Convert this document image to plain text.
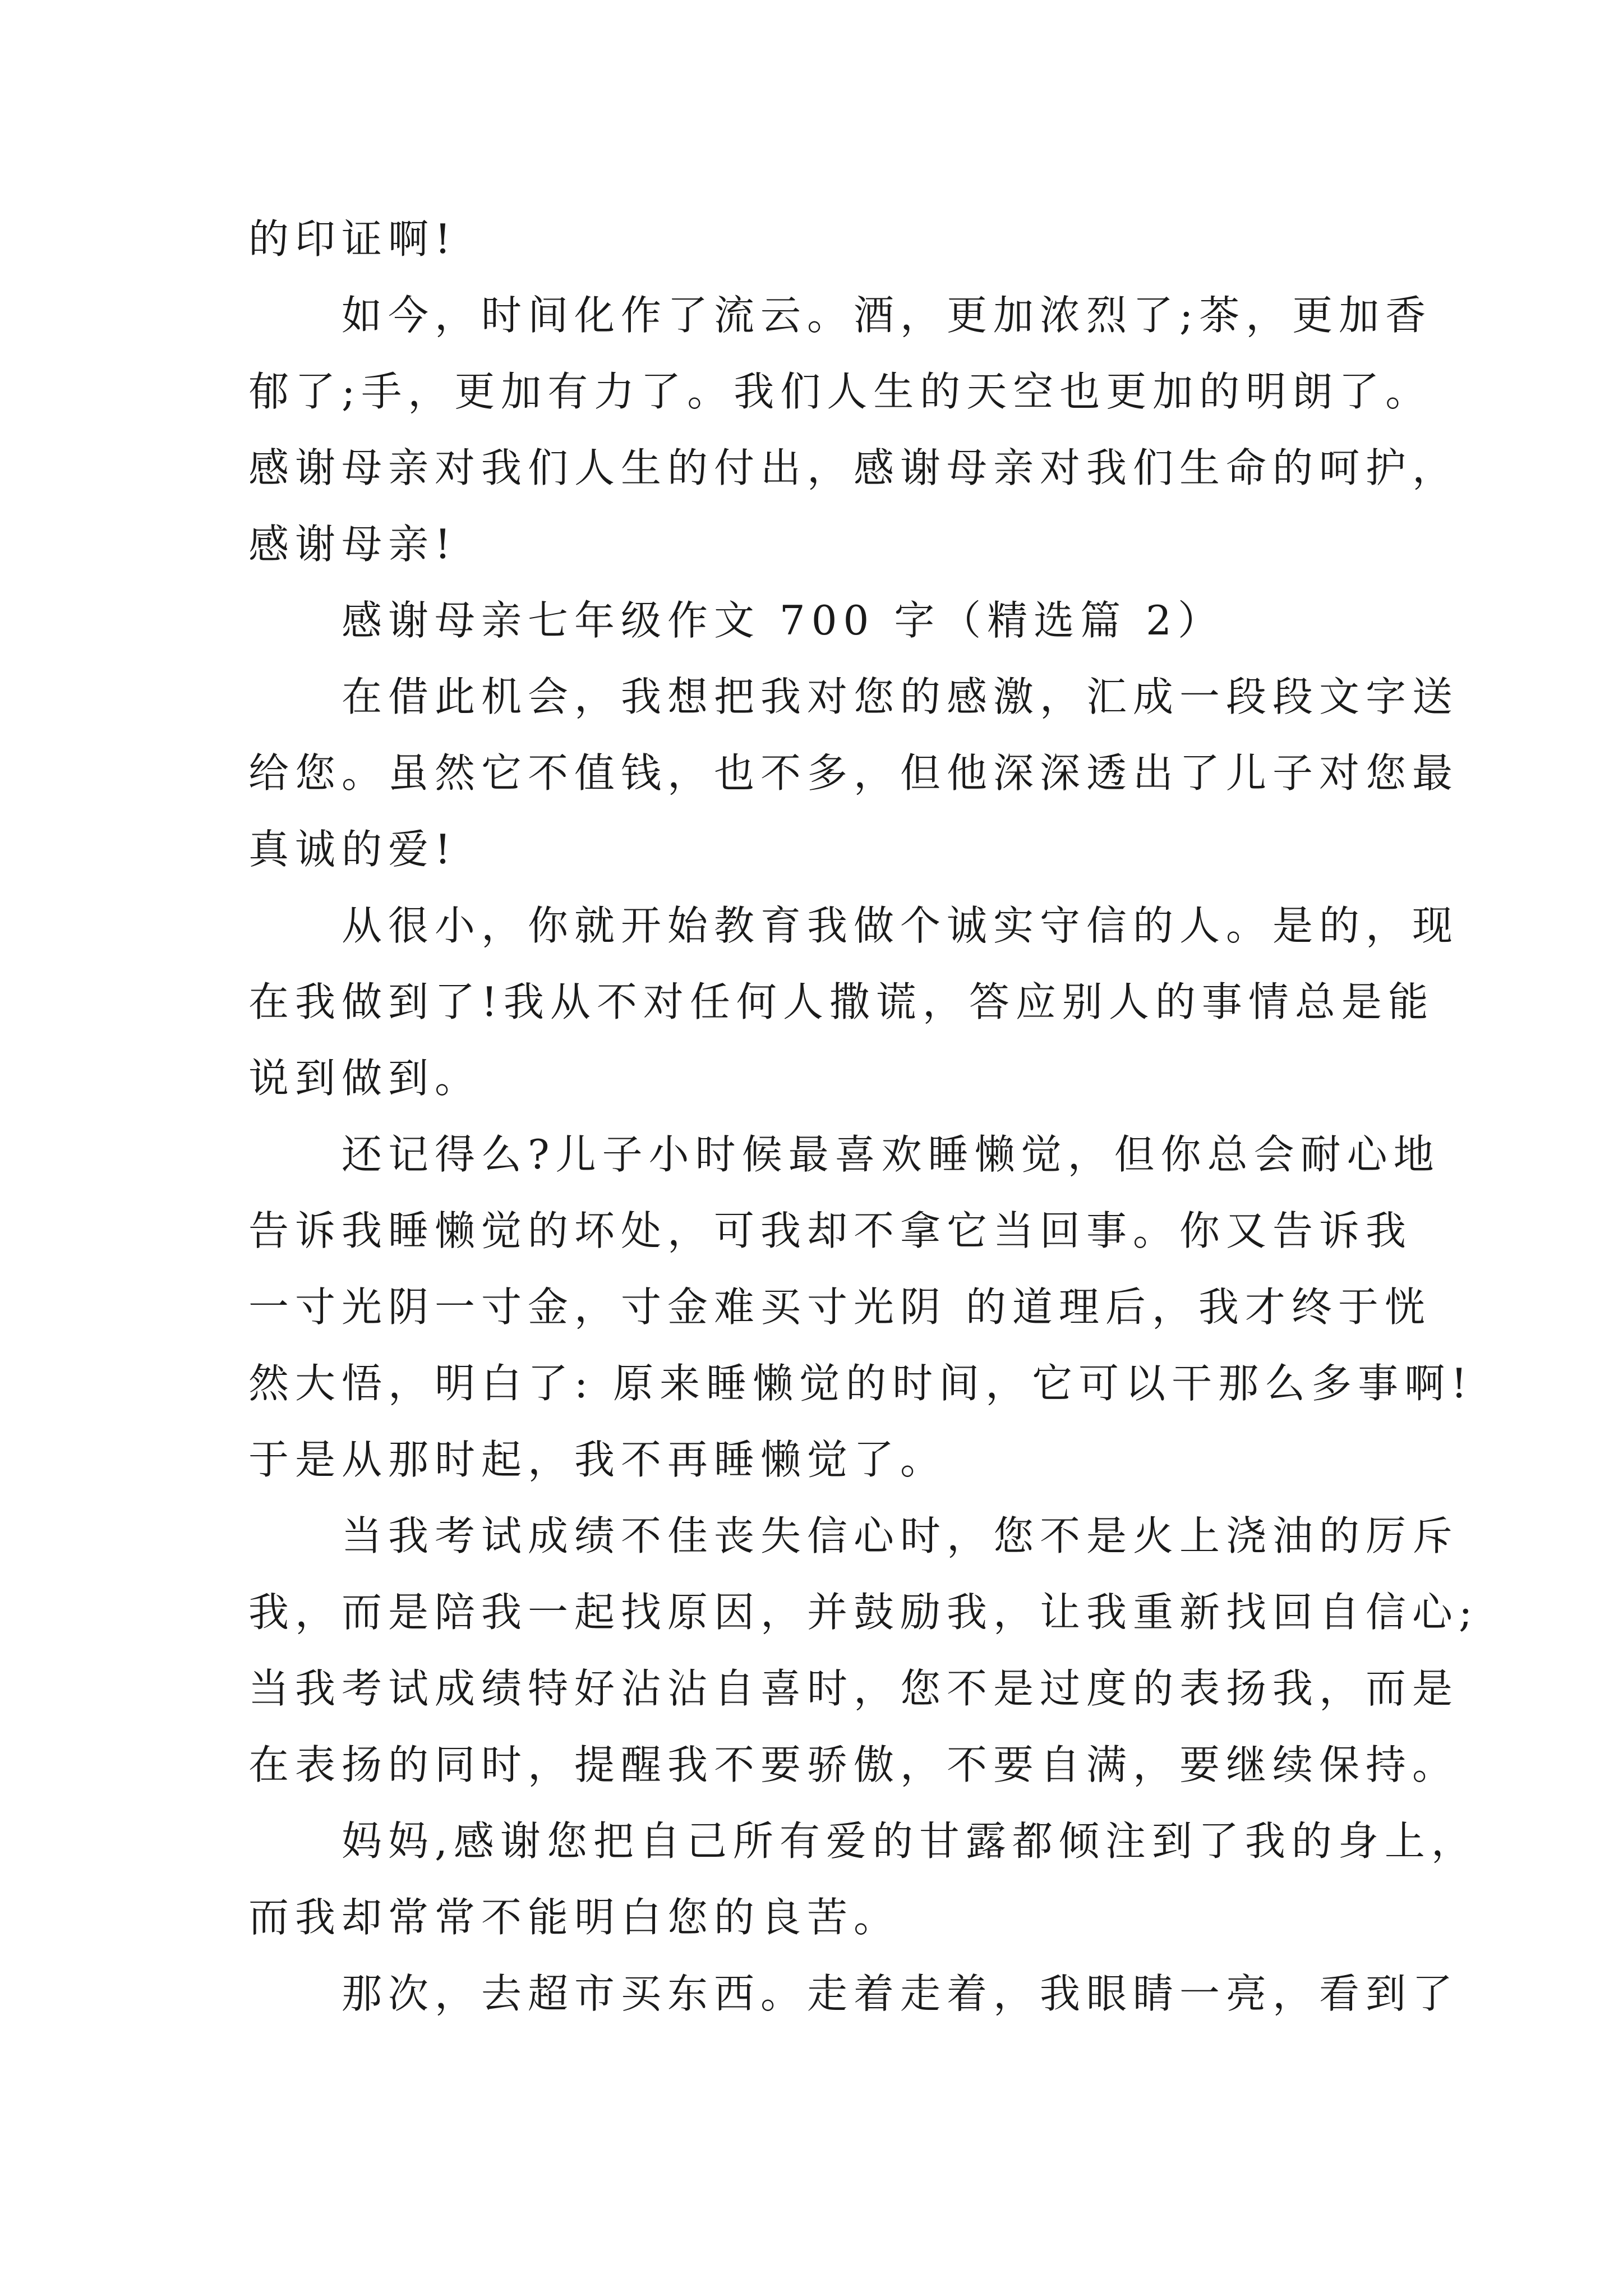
的印证啊!
如今，时间化作了流云。酒，更加浓烈了;茶，更加香
郁了;手，更加有力了。我们人生的天空也更加的明朗了。
感谢母亲对我们人生的付出，感谢母亲对我们生命的呵护，
感谢母亲!
感谢母亲七年级作文 700 字（精选篇 2）
在借此机会，我想把我对您的感激，汇成一段段文字送
给您。虽然它不值钱，也不多，但他深深透出了儿子对您最
真诚的爱!
从很小，你就开始教育我做个诚实守信的人。是的，现
在我做到了!我从不对任何人撒谎，答应别人的事情总是能
说到做到。
还记得么?儿子小时候最喜欢睡懒觉，但你总会耐心地
告诉我睡懒觉的坏处，可我却不拿它当回事。你又告诉我
一寸光阴一寸金，寸金难买寸光阴 的道理后，我才终于恍
然大悟，明白了: 原来睡懒觉的时间，它可以干那么多事啊!
于是从那时起，我不再睡懒觉了。
当我考试成绩不佳丧失信心时，您不是火上浇油的厉斥
我，而是陪我一起找原因，并鼓励我，让我重新找回自信心;
当我考试成绩特好沾沾自喜时，您不是过度的表扬我，而是
在表扬的同时，提醒我不要骄傲，不要自满，要继续保持。
妈妈,感谢您把自己所有爱的甘露都倾注到了我的身上，
而我却常常不能明白您的良苦。
那次，去超市买东西。走着走着，我眼睛一亮，看到了
